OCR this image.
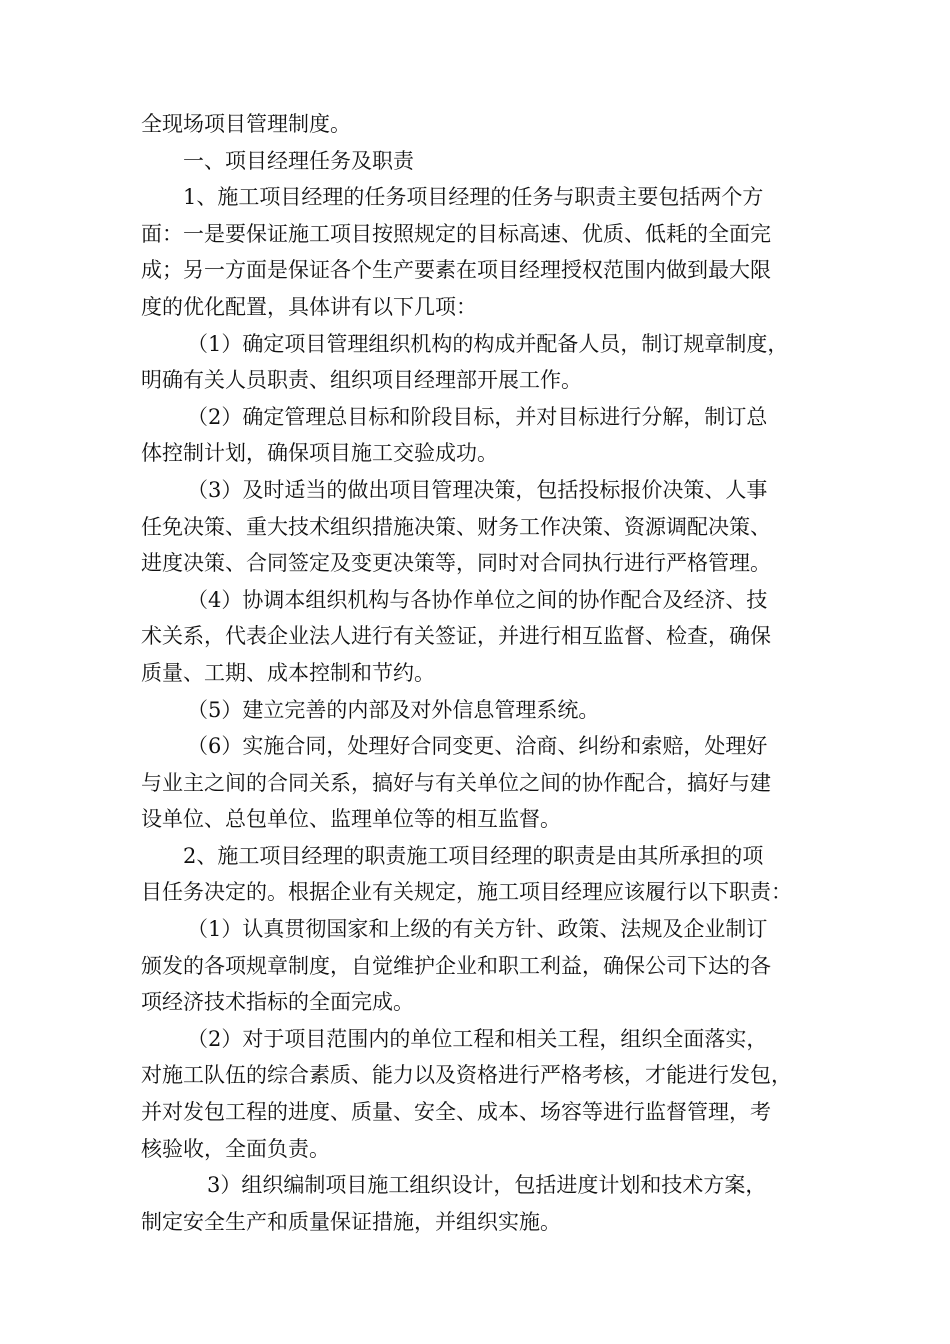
全现场项目管理制度。
一、项目经理任务及职责
1、施工项目经理的任务项目经理的任务与职责主要包括两个方
面：一是要保证施工项目按照规定的目标高速、优质、低耗的全面完
成；另一方面是保证各个生产要素在项目经理授权范围内做到最大限
度的优化配置，具体讲有以下几项：
（1）确定项目管理组织机构的构成并配备人员，制订规章制度，
明确有关人员职责、组织项目经理部开展工作。
（2）确定管理总目标和阶段目标，并对目标进行分解，制订总
体控制计划，确保项目施工交验成功。
（3）及时适当的做出项目管理决策，包括投标报价决策、人事
任免决策、重大技术组织措施决策、财务工作决策、资源调配决策、
进度决策、合同签定及变更决策等，同时对合同执行进行严格管理。
（4）协调本组织机构与各协作单位之间的协作配合及经济、技
术关系，代表企业法人进行有关签证，并进行相互监督、检查，确保
质量、工期、成本控制和节约。
（5）建立完善的内部及对外信息管理系统。
（6）实施合同，处理好合同变更、洽商、纠纷和索赔，处理好
与业主之间的合同关系，搞好与有关单位之间的协作配合，搞好与建
设单位、总包单位、监理单位等的相互监督。
2、施工项目经理的职责施工项目经理的职责是由其所承担的项
目任务决定的。根据企业有关规定，施工项目经理应该履行以下职责：
（1）认真贯彻国家和上级的有关方针、政策、法规及企业制订
颁发的各项规章制度，自觉维护企业和职工利益，确保公司下达的各
项经济技术指标的全面完成。
（2）对于项目范围内的单位工程和相关工程，组织全面落实，
对施工队伍的综合素质、能力以及资格进行严格考核，才能进行发包，
并对发包工程的进度、质量、安全、成本、场容等进行监督管理，考
核验收，全面负责。
3）组织编制项目施工组织设计，包括进度计划和技术方案，
制定安全生产和质量保证措施，并组织实施。
